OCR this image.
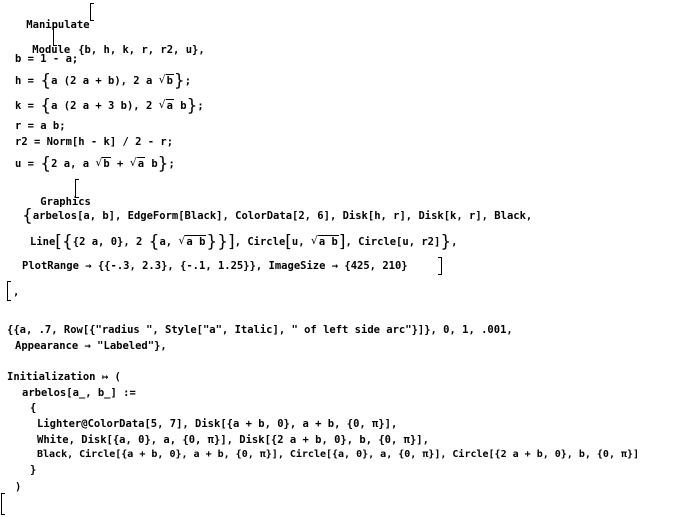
Manipulate

Module {b, h, k, r, r2, u},

b = 1 - a;
h = {a (2 a + b), 2 a √ b};
k = {a (2 a + 3 b), 2 √ a b};
r = a b;
r2 = Norm[h - k] / 2 - r;
u = {2 a, a √ b + √ a b};

Graphics

{arbelos[a, b], EdgeForm[Black], ColorData[2, 6], Disk[h, r], Disk[k, r], Black,
Line[{{2 a, 0}, 2 {a, √ a b}}], Circle[u, √ a b], Circle[u, r2]},
PlotRange → {{-.3, 2.3}, {-.1, 1.25}}, ImageSize → {425, 210}
,
{{a, .7, Row[{"radius ", Style["a", Italic], " of left side arc"}]}, 0, 1, .001,
Appearance → "Labeled"},
Initialization ↦ (
arbelos[a_, b_] :=
{
Lighter@ColorData[5, 7], Disk[{a + b, 0}, a + b, {0, π}],
White, Disk[{a, 0}, a, {0, π}], Disk[{2 a + b, 0}, b, {0, π}],
Black, Circle[{a + b, 0}, a + b, {0, π}], Circle[{a, 0}, a, {0, π}], Circle[{2 a + b, 0}, b, {0, π}]
}
)
